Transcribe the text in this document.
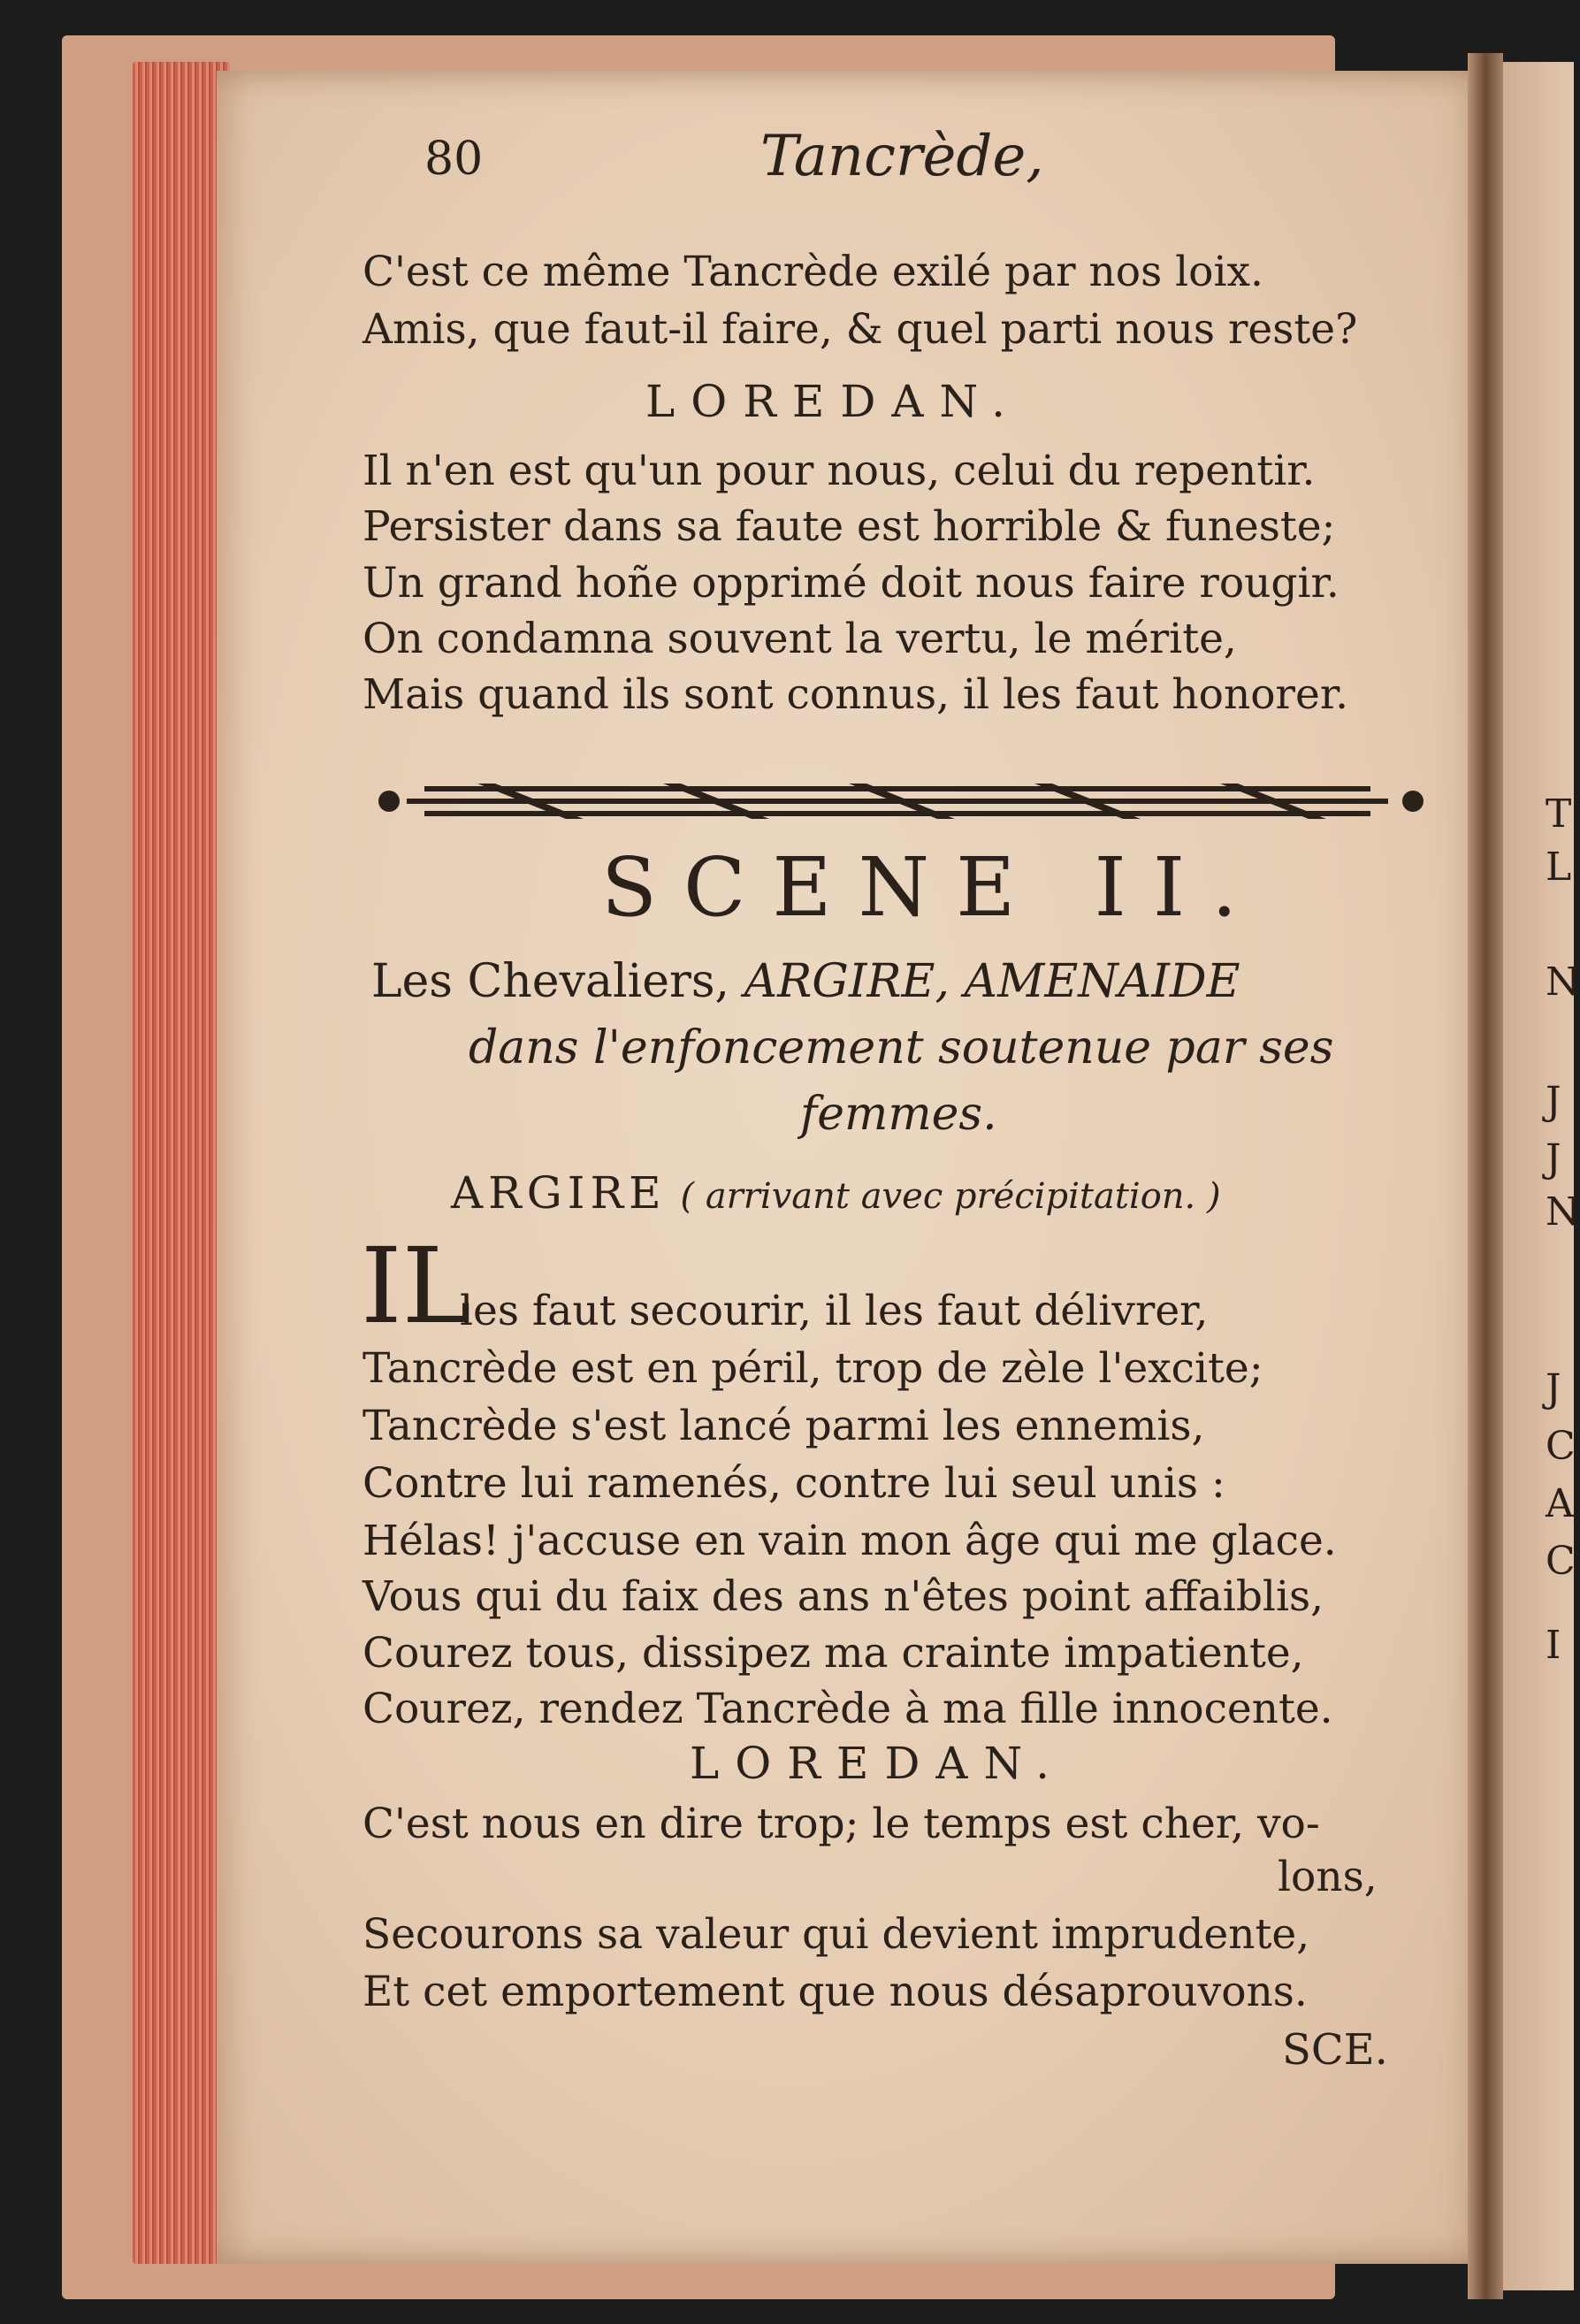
T
L
N
J
J
N
J
C
A
C
I
80	Tancrède,
C'est ce même Tancrède exilé par nos loix.
Amis, que faut-il faire, & quel parti nous reste?
LOREDAN.
Il n'en est qu'un pour nous, celui du repentir.
Persister dans sa faute est horrible & funeste;
Un grand hoñe opprimé doit nous faire rougir.
On condamna souvent la vertu, le mérite,
Mais quand ils sont connus, il les faut honorer.
SCENE II.
Les Chevaliers, ARGIRE, AMENAIDE
dans l'enfoncement soutenue par ses
femmes.
ARGIRE ( arrivant avec précipitation. )
IL
les faut secourir, il les faut délivrer,
Tancrède est en péril, trop de zèle l'excite;
Tancrède s'est lancé parmi les ennemis,
Contre lui ramenés, contre lui seul unis :
Hélas! j'accuse en vain mon âge qui me glace.
Vous qui du faix des ans n'êtes point affaiblis,
Courez tous, dissipez ma crainte impatiente,
Courez, rendez Tancrède à ma fille innocente.
LOREDAN.
C'est nous en dire trop; le temps est cher, vo-
lons,
Secourons sa valeur qui devient imprudente,
Et cet emportement que nous désaprouvons.
SCE.
